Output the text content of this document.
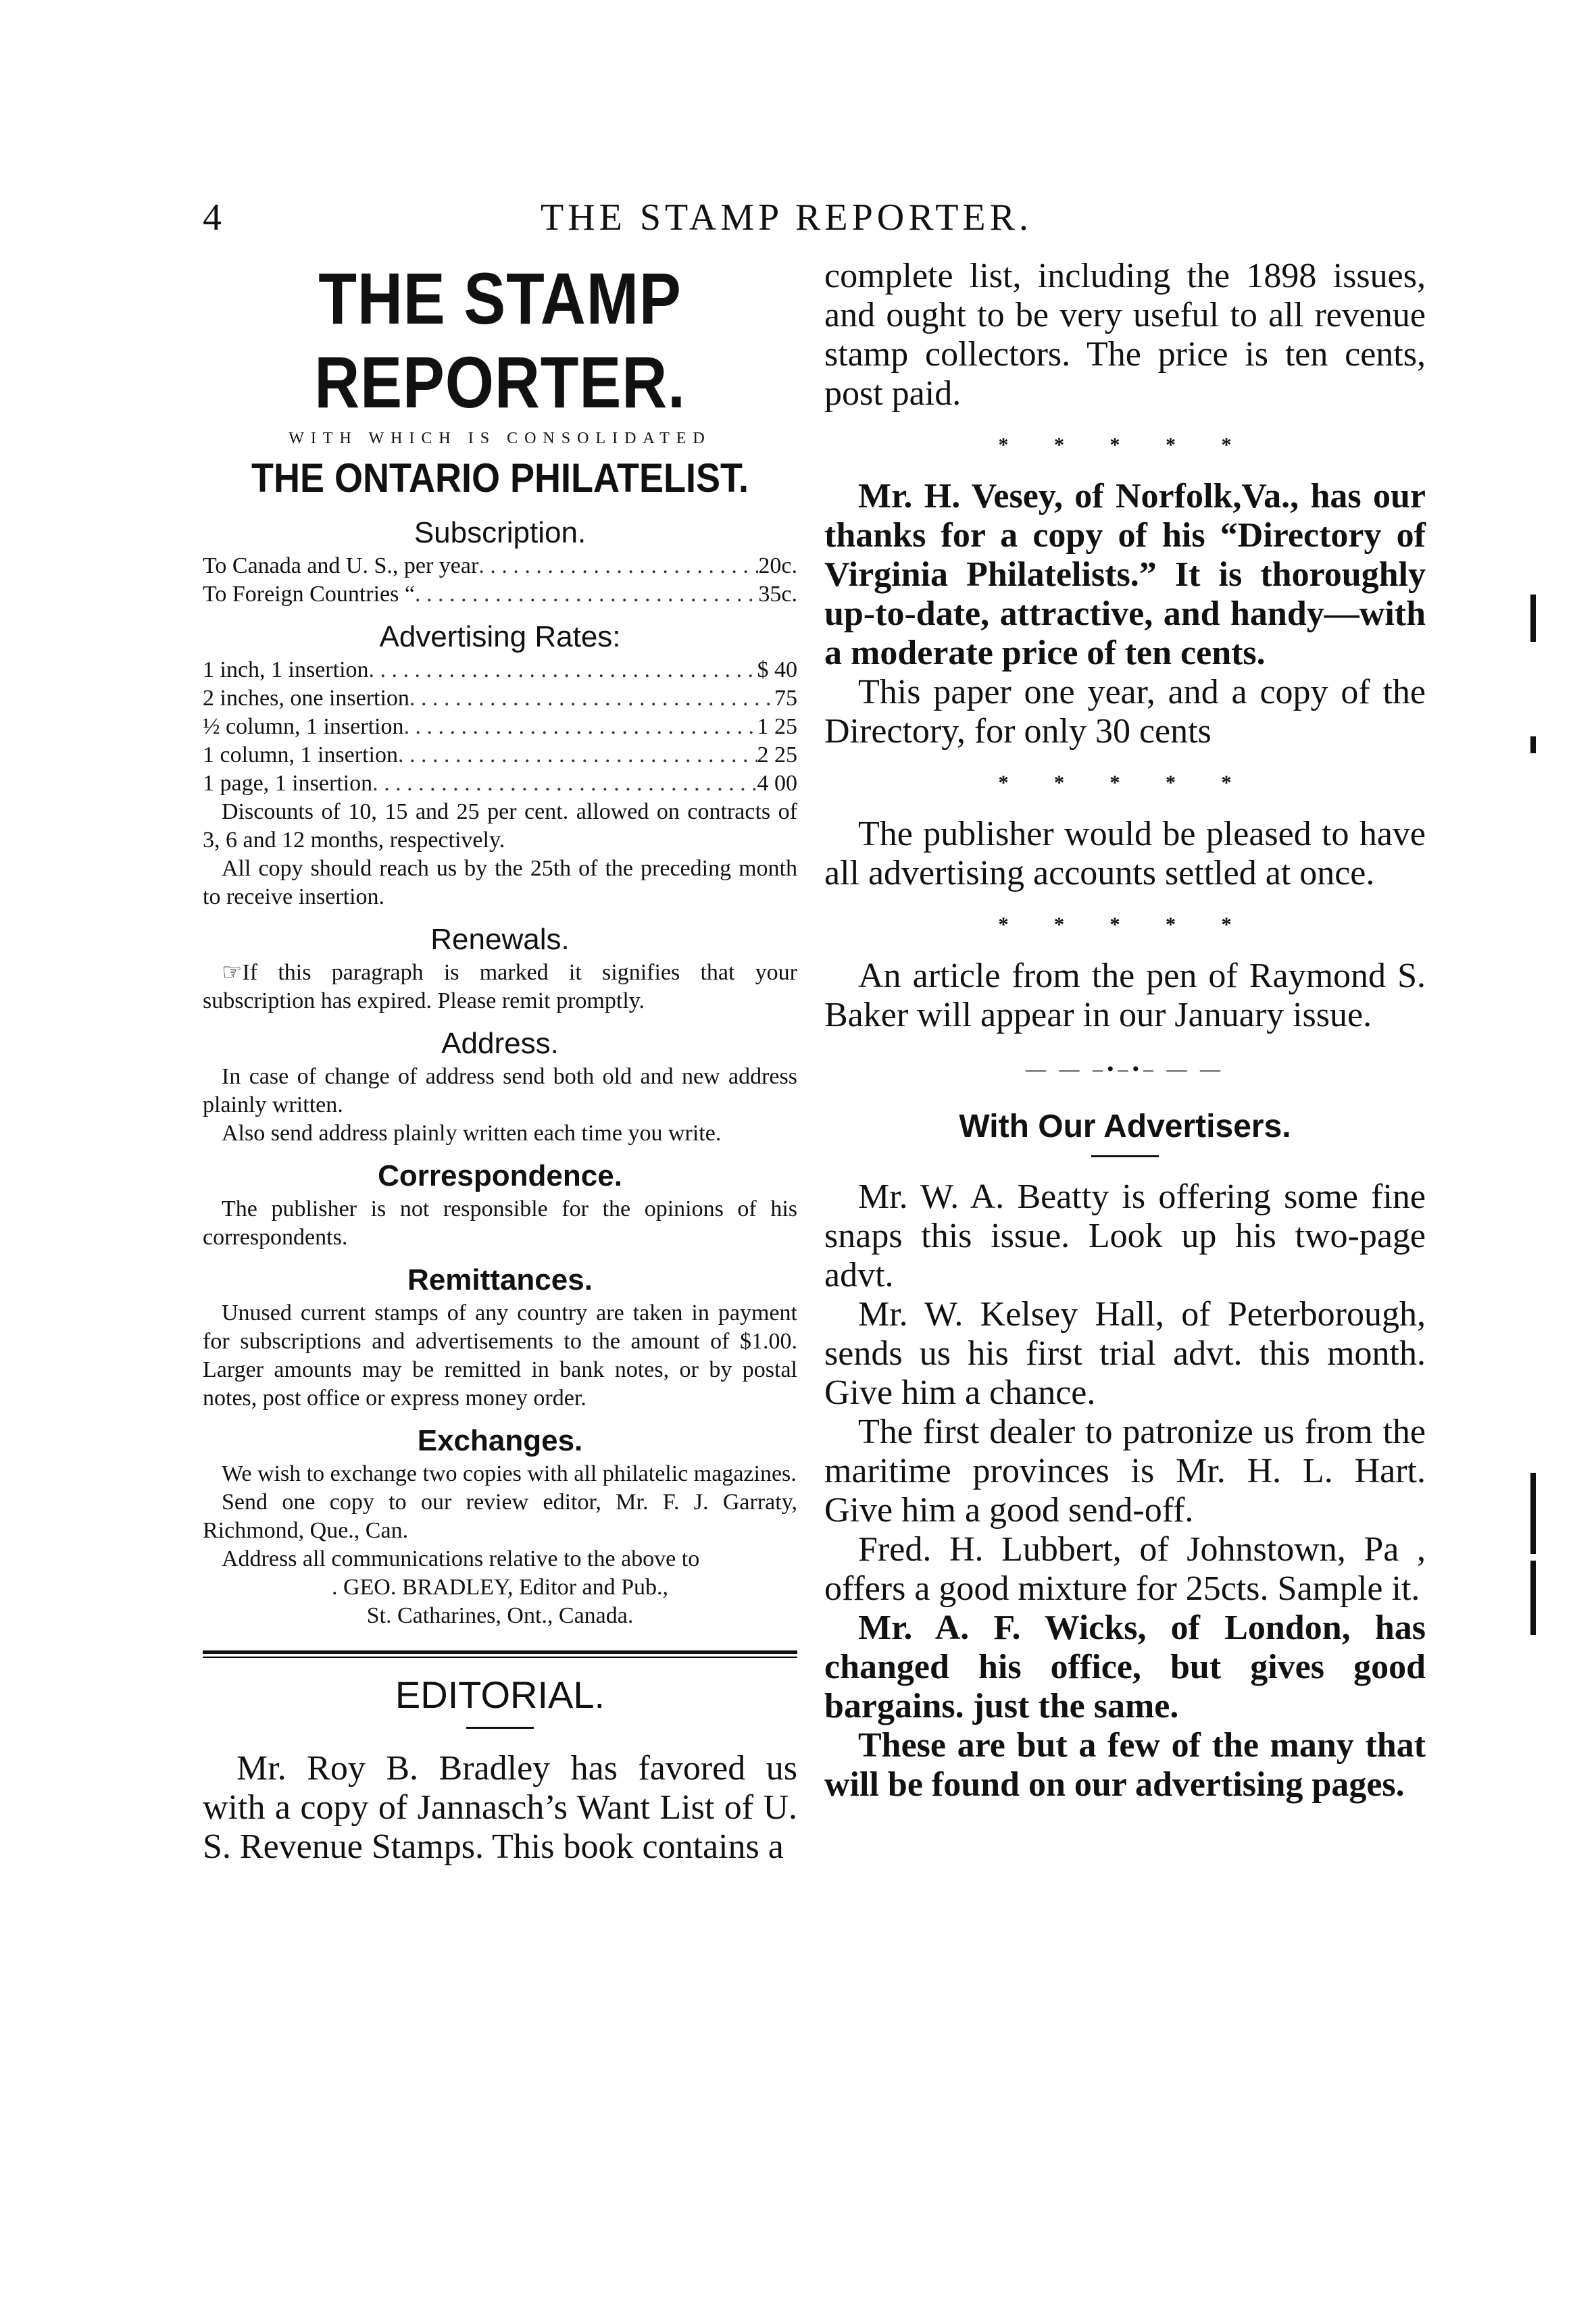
4	THE STAMP REPORTER.
THE STAMP REPORTER.
WITH WHICH IS CONSOLIDATED
THE ONTARIO PHILATELIST.
Subscription.
To Canada and U. S., per year . . .	20c.
To Foreign Countries “ . . .	35c.
Advertising Rates:
1 inch, 1 insertion . . .	$ 40
2 inches, one insertion . . .	75
½ column, 1 insertion . . .	1 25
1 column, 1 insertion . . .	2 25
1 page, 1 insertion . . .	4 00

Discounts of 10, 15 and 25 per cent. allowed on contracts of 3, 6 and 12 months, respectively.

All copy should reach us by the 25th of the preceding month to receive insertion.

Renewals.

☞If this paragraph is marked it signifies that your subscription has expired. Please remit promptly.

Address.

In case of change of address send both old and new address plainly written.

Also send address plainly written each time you write.

Correspondence.

The publisher is not responsible for the opinions of his correspondents.

Remittances.

Unused current stamps of any country are taken in payment for subscriptions and advertisements to the amount of $1.00. Larger amounts may be remitted in bank notes, or by postal notes, post office or express money order.

Exchanges.

We wish to exchange two copies with all philatelic magazines.

Send one copy to our review editor, Mr. F. J. Garraty, Richmond, Que., Can.

Address all communications relative to the above to

. GEO. BRADLEY, Editor and Pub.,
St. Catharines, Ont., Canada.
EDITORIAL.

Mr. Roy B. Bradley has favored us with a copy of Jannasch’s Want List of U. S. Revenue Stamps. This book contains a

complete list, including the 1898 issues, and ought to be very useful to all revenue stamp collectors. The price is ten cents, post paid.

* * * * *

Mr. H. Vesey, of Norfolk,Va., has our thanks for a copy of his “Directory of Virginia Philatelists.” It is thoroughly up-to-date, attractive, and handy—with a moderate price of ten cents.

This paper one year, and a copy of the Directory, for only 30 cents

* * * * *

The publisher would be pleased to have all advertising accounts settled at once.

* * * * *

An article from the pen of Raymond S. Baker will appear in our January issue.

— — –•–•– — —
With Our Advertisers.

Mr. W. A. Beatty is offering some fine snaps this issue. Look up his two-page advt.

Mr. W. Kelsey Hall, of Peterborough, sends us his first trial advt. this month. Give him a chance.

The first dealer to patronize us from the maritime provinces is Mr. H. L. Hart. Give him a good send-off.

Fred. H. Lubbert, of Johnstown, Pa , offers a good mixture for 25cts. Sample it.

Mr. A. F. Wicks, of London, has changed his office, but gives good bargains. just the same.

These are but a few of the many that will be found on our advertising pages.
